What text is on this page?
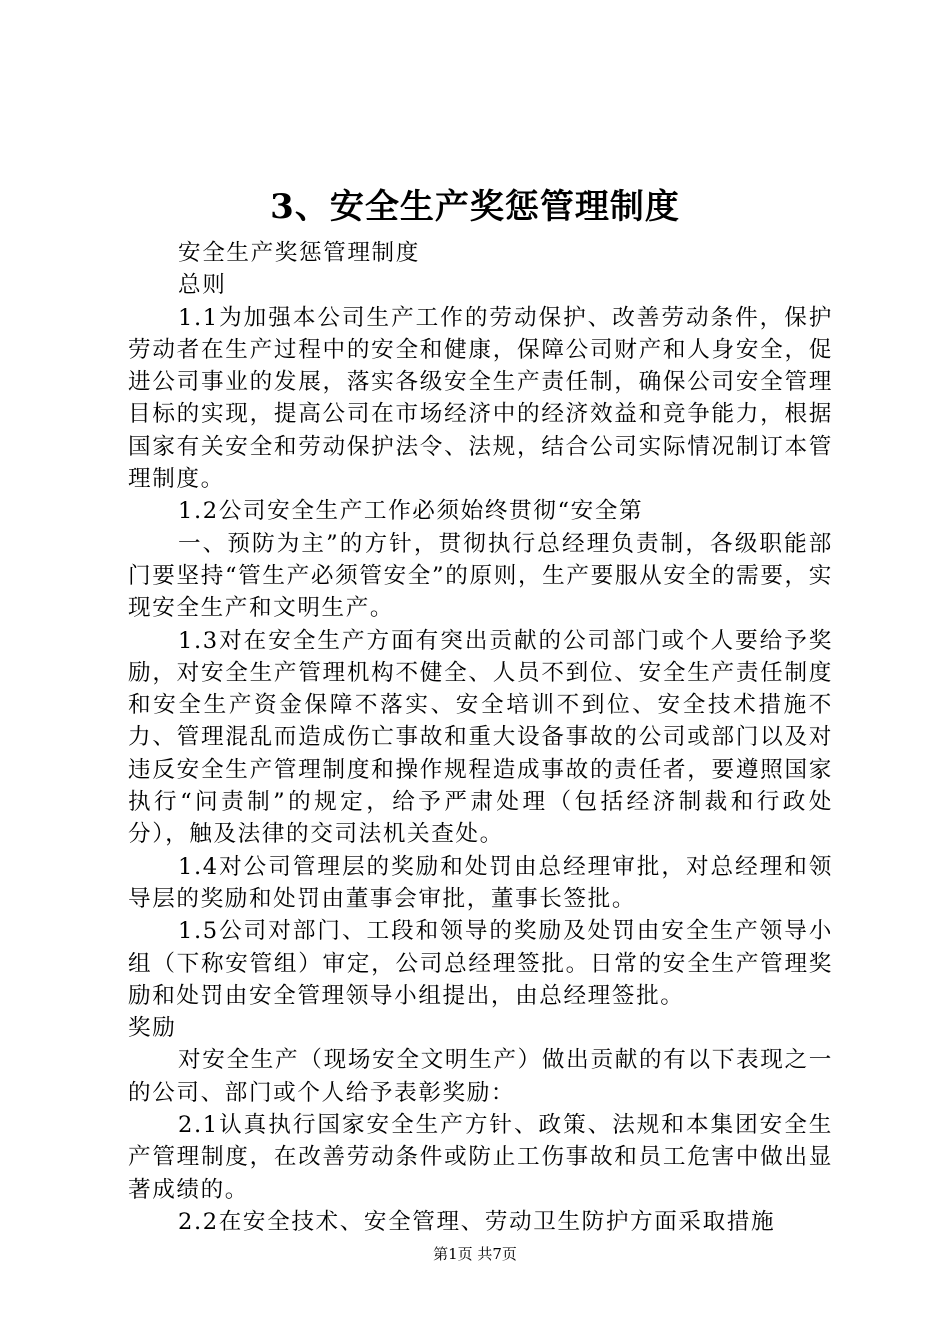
3、安全生产奖惩管理制度

安全生产奖惩管理制度

总则

1.1为加强本公司生产工作的劳动保护、改善劳动条件，保护劳动者在生产过程中的安全和健康，保障公司财产和人身安全，促进公司事业的发展，落实各级安全生产责任制，确保公司安全管理目标的实现，提高公司在市场经济中的经济效益和竞争能力，根据国家有关安全和劳动保护法令、法规，结合公司实际情况制订本管理制度。

1.2公司安全生产工作必须始终贯彻“安全第

一、预防为主”的方针，贯彻执行总经理负责制，各级职能部门要坚持“管生产必须管安全”的原则，生产要服从安全的需要，实现安全生产和文明生产。

1.3对在安全生产方面有突出贡献的公司部门或个人要给予奖励，对安全生产管理机构不健全、人员不到位、安全生产责任制度和安全生产资金保障不落实、安全培训不到位、安全技术措施不力、管理混乱而造成伤亡事故和重大设备事故的公司或部门以及对违反安全生产管理制度和操作规程造成事故的责任者，要遵照国家执行“问责制”的规定，给予严肃处理（包括经济制裁和行政处分），触及法律的交司法机关查处。

1.4对公司管理层的奖励和处罚由总经理审批，对总经理和领导层的奖励和处罚由董事会审批，董事长签批。

1.5公司对部门、工段和领导的奖励及处罚由安全生产领导小组（下称安管组）审定，公司总经理签批。日常的安全生产管理奖励和处罚由安全管理领导小组提出，由总经理签批。

奖励

对安全生产（现场安全文明生产）做出贡献的有以下表现之一的公司、部门或个人给予表彰奖励：

2.1认真执行国家安全生产方针、政策、法规和本集团安全生产管理制度，在改善劳动条件或防止工伤事故和员工危害中做出显著成绩的。

2.2在安全技术、安全管理、劳动卫生防护方面采取措施

第1页 共7页
